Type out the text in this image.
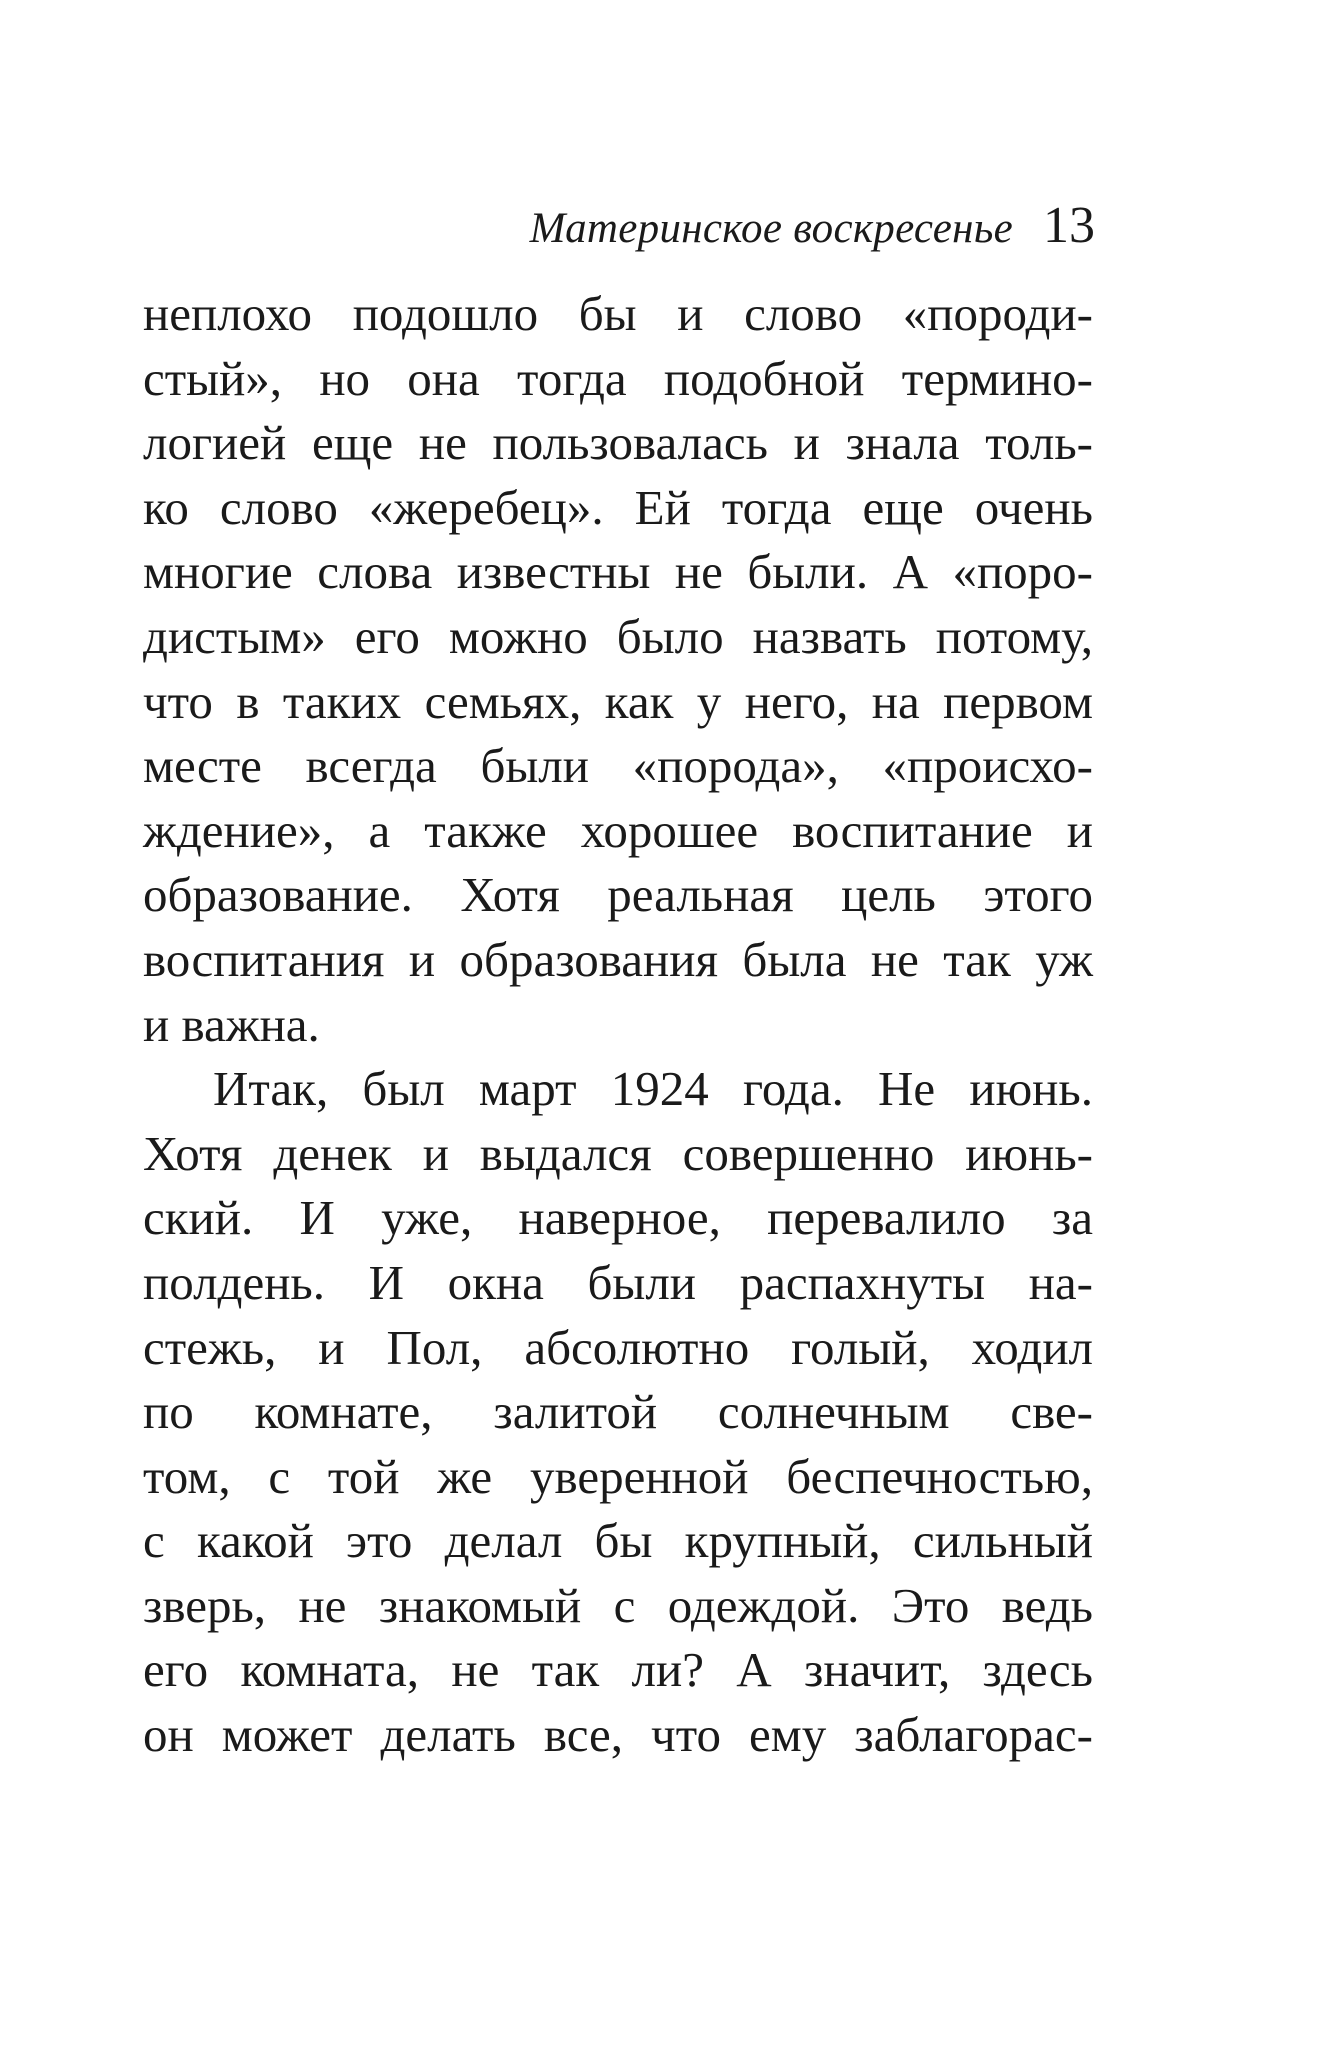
Материнское воскресенье 13
неплохо подошло бы и слово «породи-
стый», но она тогда подобной термино-
логией еще не пользовалась и знала толь-
ко слово «жеребец». Ей тогда еще очень
многие слова известны не были. А «поро-
дистым» его можно было назвать потому,
что в таких семьях, как у него, на первом
месте всегда были «порода», «происхо-
ждение», а также хорошее воспитание и
образование. Хотя реальная цель этого
воспитания и образования была не так уж
и важна.
Итак, был март 1924 года. Не июнь.
Хотя денек и выдался совершенно июнь-
ский. И уже, наверное, перевалило за
полдень. И окна были распахнуты на-
стежь, и Пол, абсолютно голый, ходил
по комнате, залитой солнечным све-
том, с той же уверенной беспечностью,
с какой это делал бы крупный, сильный
зверь, не знакомый с одеждой. Это ведь
его комната, не так ли? А значит, здесь
он может делать все, что ему заблагорас-
